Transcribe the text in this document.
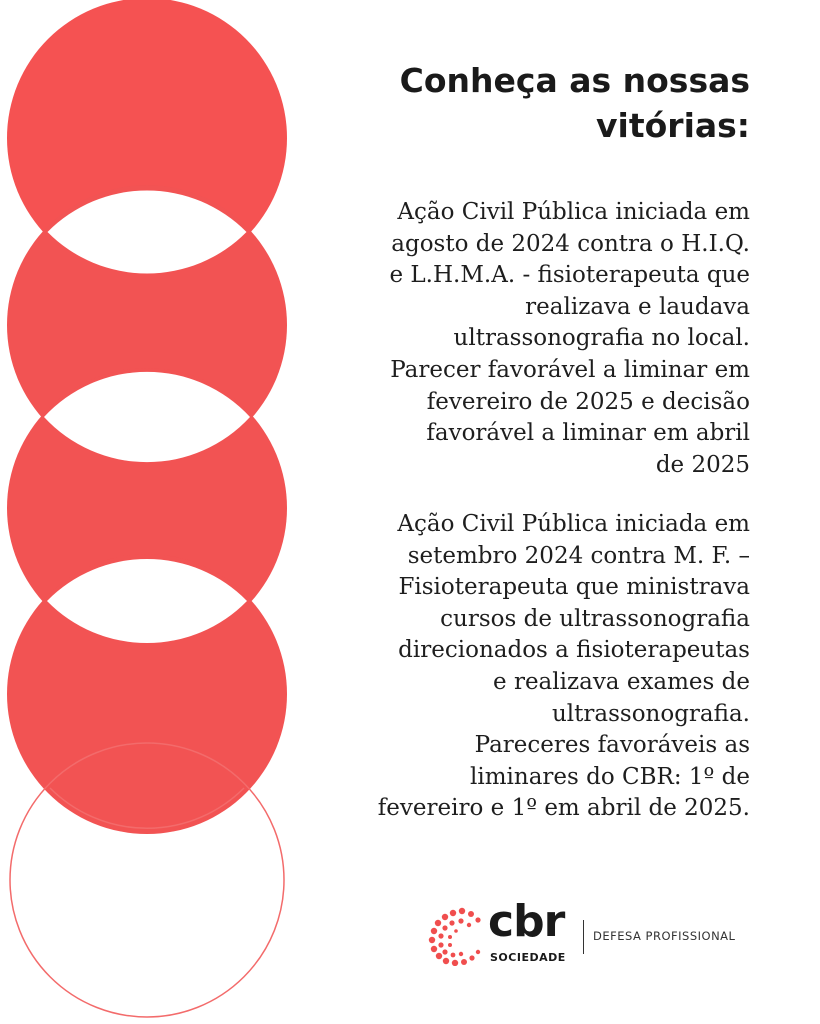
Conheça as nossas
vitórias:
Ação Civil Pública iniciada em
agosto de 2024 contra o H.I.Q.
e L.H.M.A. - fisioterapeuta que
realizava e laudava
ultrassonografia no local.
Parecer favorável a liminar em
fevereiro de 2025 e decisão
favorável a liminar em abril
de 2025
Ação Civil Pública iniciada em
setembro 2024 contra M. F. –
Fisioterapeuta que ministrava
cursos de ultrassonografia
direcionados a fisioterapeutas
e realizava exames de
ultrassonografia.
Pareceres favoráveis as
liminares do CBR: 1º de
fevereiro e 1º em abril de 2025.
cbr
SOCIEDADE
DEFESA PROFISSIONAL
